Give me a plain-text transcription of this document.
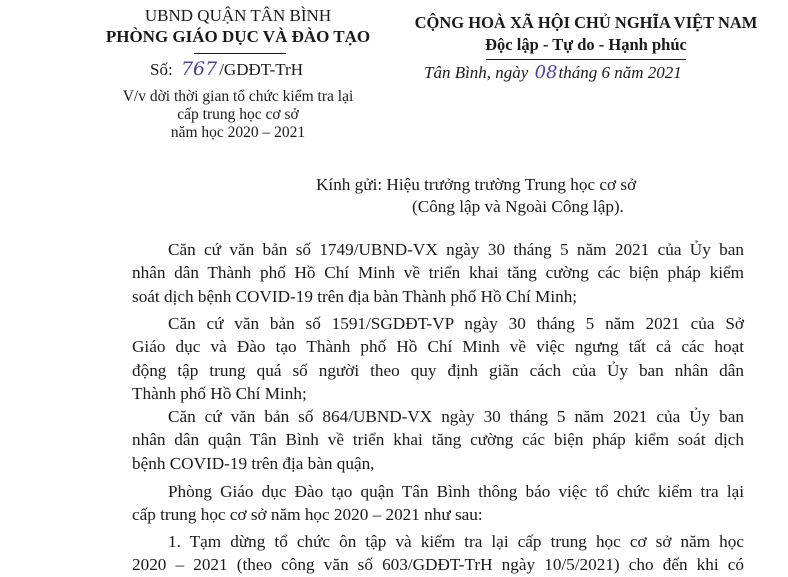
UBND QUẬN TÂN BÌNH
PHÒNG GIÁO DỤC VÀ ĐÀO TẠO
Số: 767 /GDĐT-TrH
V/v dời thời gian tổ chức kiểm tra lại
cấp trung học cơ sở
năm học 2020 – 2021
CỘNG HOÀ XÃ HỘI CHỦ NGHĨA VIỆT NAM
Độc lập - Tự do - Hạnh phúc
Tân Bình, ngày 08tháng 6 năm 2021
Kính gửi: Hiệu trưởng trường Trung học cơ sở
(Công lập và Ngoài Công lập).
Căn cứ văn bản số 1749/UBND-VX ngày 30 tháng 5 năm 2021 của Ủy ban
nhân dân Thành phố Hồ Chí Minh về triển khai tăng cường các biện pháp kiểm
soát dịch bệnh COVID-19 trên địa bàn Thành phố Hồ Chí Minh;
Căn cứ văn bản số 1591/SGDĐT-VP ngày 30 tháng 5 năm 2021 của Sở
Giáo dục và Đào tạo Thành phố Hồ Chí Minh về việc ngưng tất cả các hoạt
động tập trung quá số người theo quy định giãn cách của Ủy ban nhân dân
Thành phố Hồ Chí Minh;
Căn cứ văn bản số 864/UBND-VX ngày 30 tháng 5 năm 2021 của Ủy ban
nhân dân quận Tân Bình về triển khai tăng cường các biện pháp kiểm soát dịch
bệnh COVID-19 trên địa bàn quận,
Phòng Giáo dục Đào tạo quận Tân Bình thông báo việc tổ chức kiểm tra lại
cấp trung học cơ sở năm học 2020 – 2021 như sau:
1. Tạm dừng tổ chức ôn tập và kiểm tra lại cấp trung học cơ sở năm học
2020 – 2021 (theo công văn số 603/GDĐT-TrH ngày 10/5/2021) cho đến khi có
